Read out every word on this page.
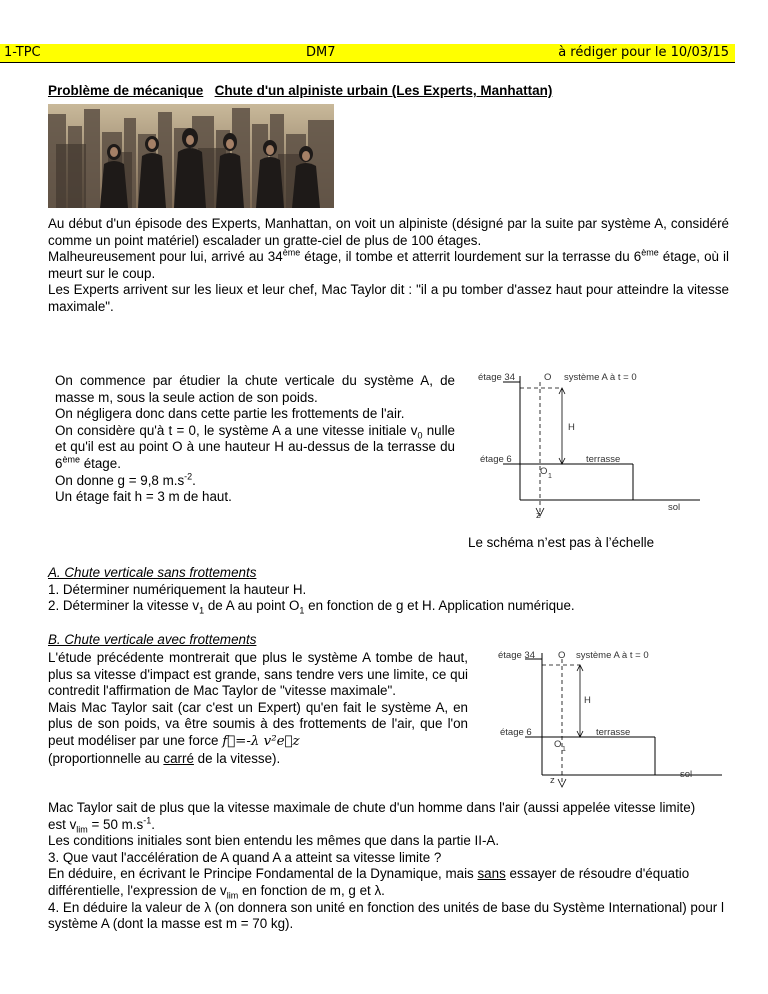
1-TPC	DM7	à rédiger pour le 10/03/15
Problème de mécanique Chute d'un alpiniste urbain (Les Experts, Manhattan)

Au début d'un épisode des Experts, Manhattan, on voit un alpiniste (désigné par la suite par système A, considéré comme un point matériel) escalader un gratte-ciel de plus de 100 étages.

Malheureusement pour lui, arrivé au 34ème étage, il tombe et atterrit lourdement sur la terrasse du 6ème étage, où il meurt sur le coup.

Les Experts arrivent sur les lieux et leur chef, Mac Taylor dit : "il a pu tomber d'assez haut pour atteindre la vitesse maximale".

On commence par étudier la chute verticale du système A, de masse m, sous la seule action de son poids.

On négligera donc dans cette partie les frottements de l'air.

On considère qu'à t = 0, le système A a une vitesse initiale $v_0$ nulle et qu'il est au point O à une hauteur H au-dessus de la terrasse du 6ème étage.

On donne g = 9,8 $m.s^{-2}$.

Un étage fait h = 3 m de haut.

étage 34	O système A à t = 0
H
étage 6	terrasse
O 1
sol
z
Le schéma n’est pas à l’échelle

A. Chute verticale sans frottements

1. Déterminer numériquement la hauteur H.

2. Déterminer la vitesse $v_1$ de A au point $O_1$ en fonction de g et H. Application numérique.

B. Chute verticale avec frottements

L'étude précédente montrerait que plus le système A tombe de haut, plus sa vitesse d'impact est grande, sans tendre vers une limite, ce qui contredit l'affirmation de Mac Taylor de "vitesse maximale".

Mais Mac Taylor sait (car c'est un Expert) qu'en fait le système A, en plus de son poids, va être soumis à des frottements de l'air, que l'on peut modéliser par une force f⃗=-λ v²e⃗z

(proportionnelle au carré de la vitesse).

étage 34 O système A à t = 0
H
étage 6	terrasse
O 1
sol
z

Mac Taylor sait de plus que la vitesse maximale de chute d'un homme dans l'air (aussi appelée vitesse limite)

est $v_{lim} = 50$ $m.s^{-1}$.

Les conditions initiales sont bien entendu les mêmes que dans la partie II-A.

3. Que vaut l'accélération de A quand A a atteint sa vitesse limite ?

En déduire, en écrivant le Principe Fondamental de la Dynamique, mais sans essayer de résoudre d'équatio

différentielle, l'expression de $v_{lim}$ en fonction de m, g et λ.

4. En déduire la valeur de λ (on donnera son unité en fonction des unités de base du Système International) pour l

système A (dont la masse est m = 70 kg).
